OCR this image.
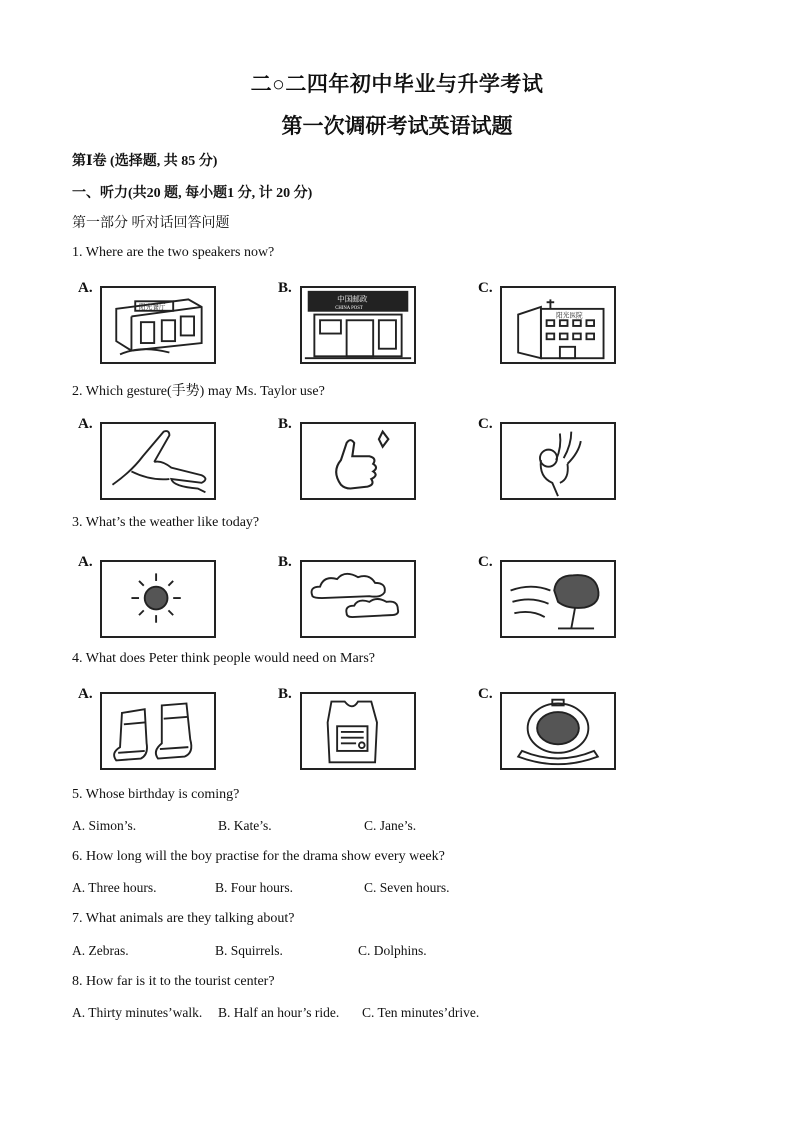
二○二四年初中毕业与升学考试
第一次调研考试英语试题
第Ⅰ卷 (选择题, 共 85 分)
一、听力(共20 题, 每小题1 分, 计 20 分)
第一部分 听对话回答问题
1. Where are the two speakers now?
A.
阳光餐厅
B.
中国邮政
CHINA POST
C.
阳光医院
2. Which gesture(手势) may Ms. Taylor use?
A.	B.	C.
3. What’s the weather like today?
A.	B.	C.
4. What does Peter think people would need on Mars?
A.	B.	C.
5. Whose birthday is coming?
A. Simon’s.	B. Kate’s.	C. Jane’s.
6. How long will the boy practise for the drama show every week?
A. Three hours.	B. Four hours.	C. Seven hours.
7. What animals are they talking about?
A. Zebras.	B. Squirrels.	C. Dolphins.
8. How far is it to the tourist center?
A. Thirty minutes’walk. B. Half an hour’s ride. C. Ten minutes’drive.
